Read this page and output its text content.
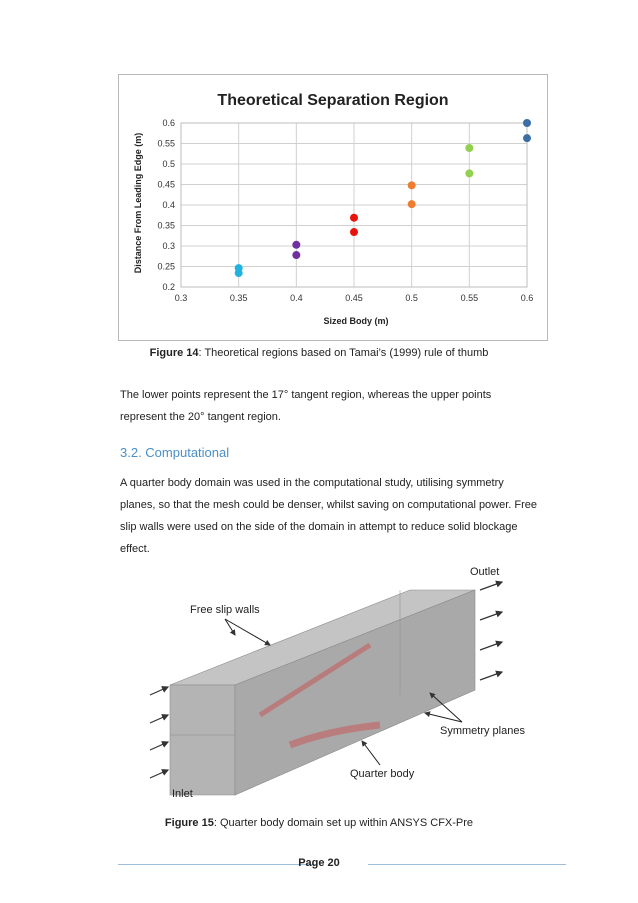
Theoretical Separation Region
0.2
0.25
0.3
0.35
0.4
0.45
0.5
0.55
0.6
0.3	0.35	0.4	0.45	0.5	0.55	0.6
Sized Body (m)
Distance From Leading Edge (m)
Figure 14: Theoretical regions based on Tamai’s (1999) rule of thumb

The lower points represent the 17° tangent region, whereas the upper points represent the 20° tangent region.

3.2. Computational

A quarter body domain was used in the computational study, utilising symmetry planes, so that the mesh could be denser, whilst saving on computational power. Free slip walls were used on the side of the domain in attempt to reduce solid blockage effect.

Outlet
Free slip walls
Symmetry planes
Quarter body
Inlet
Figure 15: Quarter body domain set up within ANSYS CFX-Pre
Page 20
